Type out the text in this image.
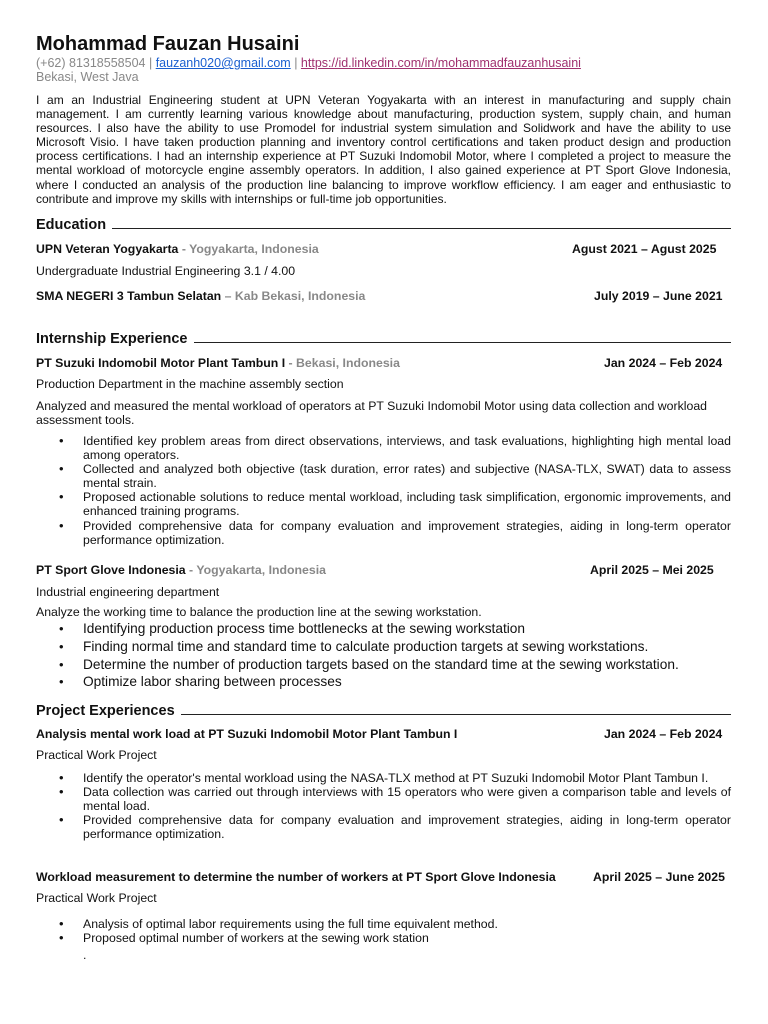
Mohammad Fauzan Husaini
(+62) 81318558504 | fauzanh020@gmail.com | https://id.linkedin.com/in/mohammadfauzanhusaini
Bekasi, West Java

I am an Industrial Engineering student at UPN Veteran Yogyakarta with an interest in manufacturing and supply chain management. I am currently learning various knowledge about manufacturing, production system, supply chain, and human resources. I also have the ability to use Promodel for industrial system simulation and Solidwork and have the ability to use Microsoft Visio. I have taken production planning and inventory control certifications and taken product design and production process certifications. I had an internship experience at PT Suzuki Indomobil Motor, where I completed a project to measure the mental workload of motorcycle engine assembly operators. In addition, I also gained experience at PT Sport Glove Indonesia, where I conducted an analysis of the production line balancing to improve workflow efficiency. I am eager and enthusiastic to contribute and improve my skills with internships or full-time job opportunities.

Education
UPN Veteran Yogyakarta - Yogyakarta, Indonesia	Agust 2021 – Agust 2025
Undergraduate Industrial Engineering 3.1 / 4.00
SMA NEGERI 3 Tambun Selatan – Kab Bekasi, Indonesia	July 2019 – June 2021
Internship Experience
PT Suzuki Indomobil Motor Plant Tambun I - Bekasi, Indonesia	Jan 2024 – Feb 2024
Production Department in the machine assembly section

Analyzed and measured the mental workload of operators at PT Suzuki Indomobil Motor using data collection and workload assessment tools.

• Identified key problem areas from direct observations, interviews, and task evaluations, highlighting high mental load among operators.
• Collected and analyzed both objective (task duration, error rates) and subjective (NASA-TLX, SWAT) data to assess mental strain.
• Proposed actionable solutions to reduce mental workload, including task simplification, ergonomic improvements, and enhanced training programs.
• Provided comprehensive data for company evaluation and improvement strategies, aiding in long-term operator performance optimization.
PT Sport Glove Indonesia - Yogyakarta, Indonesia	April 2025 – Mei 2025
Industrial engineering department

Analyze the working time to balance the production line at the sewing workstation.

• Identifying production process time bottlenecks at the sewing workstation
• Finding normal time and standard time to calculate production targets at sewing workstations.
• Determine the number of production targets based on the standard time at the sewing workstation.
• Optimize labor sharing between processes
Project Experiences
Analysis mental work load at PT Suzuki Indomobil Motor Plant Tambun I	Jan 2024 – Feb 2024
Practical Work Project
• Identify the operator's mental workload using the NASA-TLX method at PT Suzuki Indomobil Motor Plant Tambun I.
• Data collection was carried out through interviews with 15 operators who were given a comparison table and levels of mental load.
• Provided comprehensive data for company evaluation and improvement strategies, aiding in long-term operator performance optimization.
Workload measurement to determine the number of workers at PT Sport Glove Indonesia	April 2025 – June 2025
Practical Work Project
• Analysis of optimal labor requirements using the full time equivalent method.
• Proposed optimal number of workers at the sewing work station
.
